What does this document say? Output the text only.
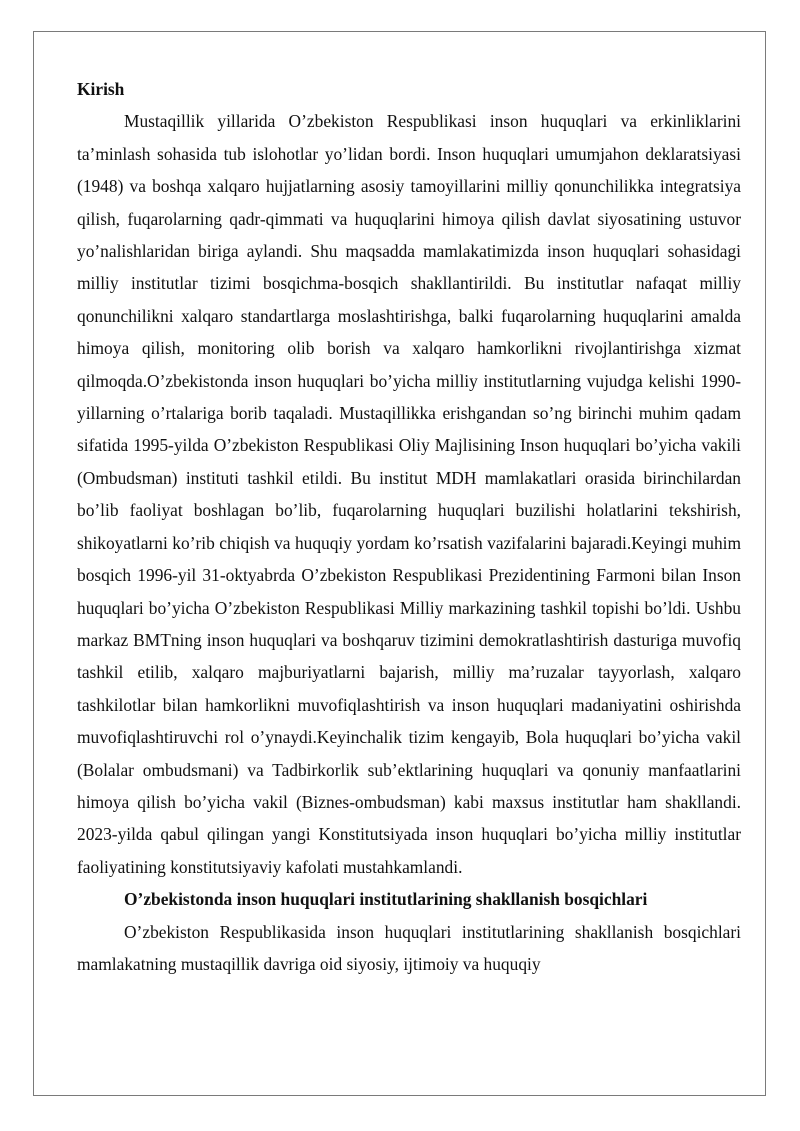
Kirish

Mustaqillik yillarida O’zbekiston Respublikasi inson huquqlari va erkinliklarini ta’minlash sohasida tub islohotlar yo’lidan bordi. Inson huquqlari umumjahon deklaratsiyasi (1948) va boshqa xalqaro hujjatlarning asosiy tamoyillarini milliy qonunchilikka integratsiya qilish, fuqarolarning qadr-qimmati va huquqlarini himoya qilish davlat siyosatining ustuvor yo’nalishlaridan biriga aylandi. Shu maqsadda mamlakatimizda inson huquqlari sohasidagi milliy institutlar tizimi bosqichma-bosqich shakllantirildi. Bu institutlar nafaqat milliy qonunchilikni xalqaro standartlarga moslashtirishga, balki fuqarolarning huquqlarini amalda himoya qilish, monitoring olib borish va xalqaro hamkorlikni rivojlantirishga xizmat qilmoqda.O’zbekistonda inson huquqlari bo’yicha milliy institutlarning vujudga kelishi 1990-yillarning o’rtalariga borib taqaladi. Mustaqillikka erishgandan so’ng birinchi muhim qadam sifatida 1995-yilda O’zbekiston Respublikasi Oliy Majlisining Inson huquqlari bo’yicha vakili (Ombudsman) instituti tashkil etildi. Bu institut MDH mamlakatlari orasida birinchilardan bo’lib faoliyat boshlagan bo’lib, fuqarolarning huquqlari buzilishi holatlarini tekshirish, shikoyatlarni ko’rib chiqish va huquqiy yordam ko’rsatish vazifalarini bajaradi.Keyingi muhim bosqich 1996-yil 31-oktyabrda O’zbekiston Respublikasi Prezidentining Farmoni bilan Inson huquqlari bo’yicha O’zbekiston Respublikasi Milliy markazining tashkil topishi bo’ldi. Ushbu markaz BMTning inson huquqlari va boshqaruv tizimini demokratlashtirish dasturiga muvofiq tashkil etilib, xalqaro majburiyatlarni bajarish, milliy ma’ruzalar tayyorlash, xalqaro tashkilotlar bilan hamkorlikni muvofiqlashtirish va inson huquqlari madaniyatini oshirishda muvofiqlashtiruvchi rol o’ynaydi.Keyinchalik tizim kengayib, Bola huquqlari bo’yicha vakil (Bolalar ombudsmani) va Tadbirkorlik sub’ektlarining huquqlari va qonuniy manfaatlarini himoya qilish bo’yicha vakil (Biznes-ombudsman) kabi maxsus institutlar ham shakllandi. 2023-yilda qabul qilingan yangi Konstitutsiyada inson huquqlari bo’yicha milliy institutlar faoliyatining konstitutsiyaviy kafolati mustahkamlandi.

O’zbekistonda inson huquqlari institutlarining shakllanish bosqichlari

O’zbekiston Respublikasida inson huquqlari institutlarining shakllanish bosqichlari mamlakatning mustaqillik davriga oid siyosiy, ijtimoiy va huquqiy
